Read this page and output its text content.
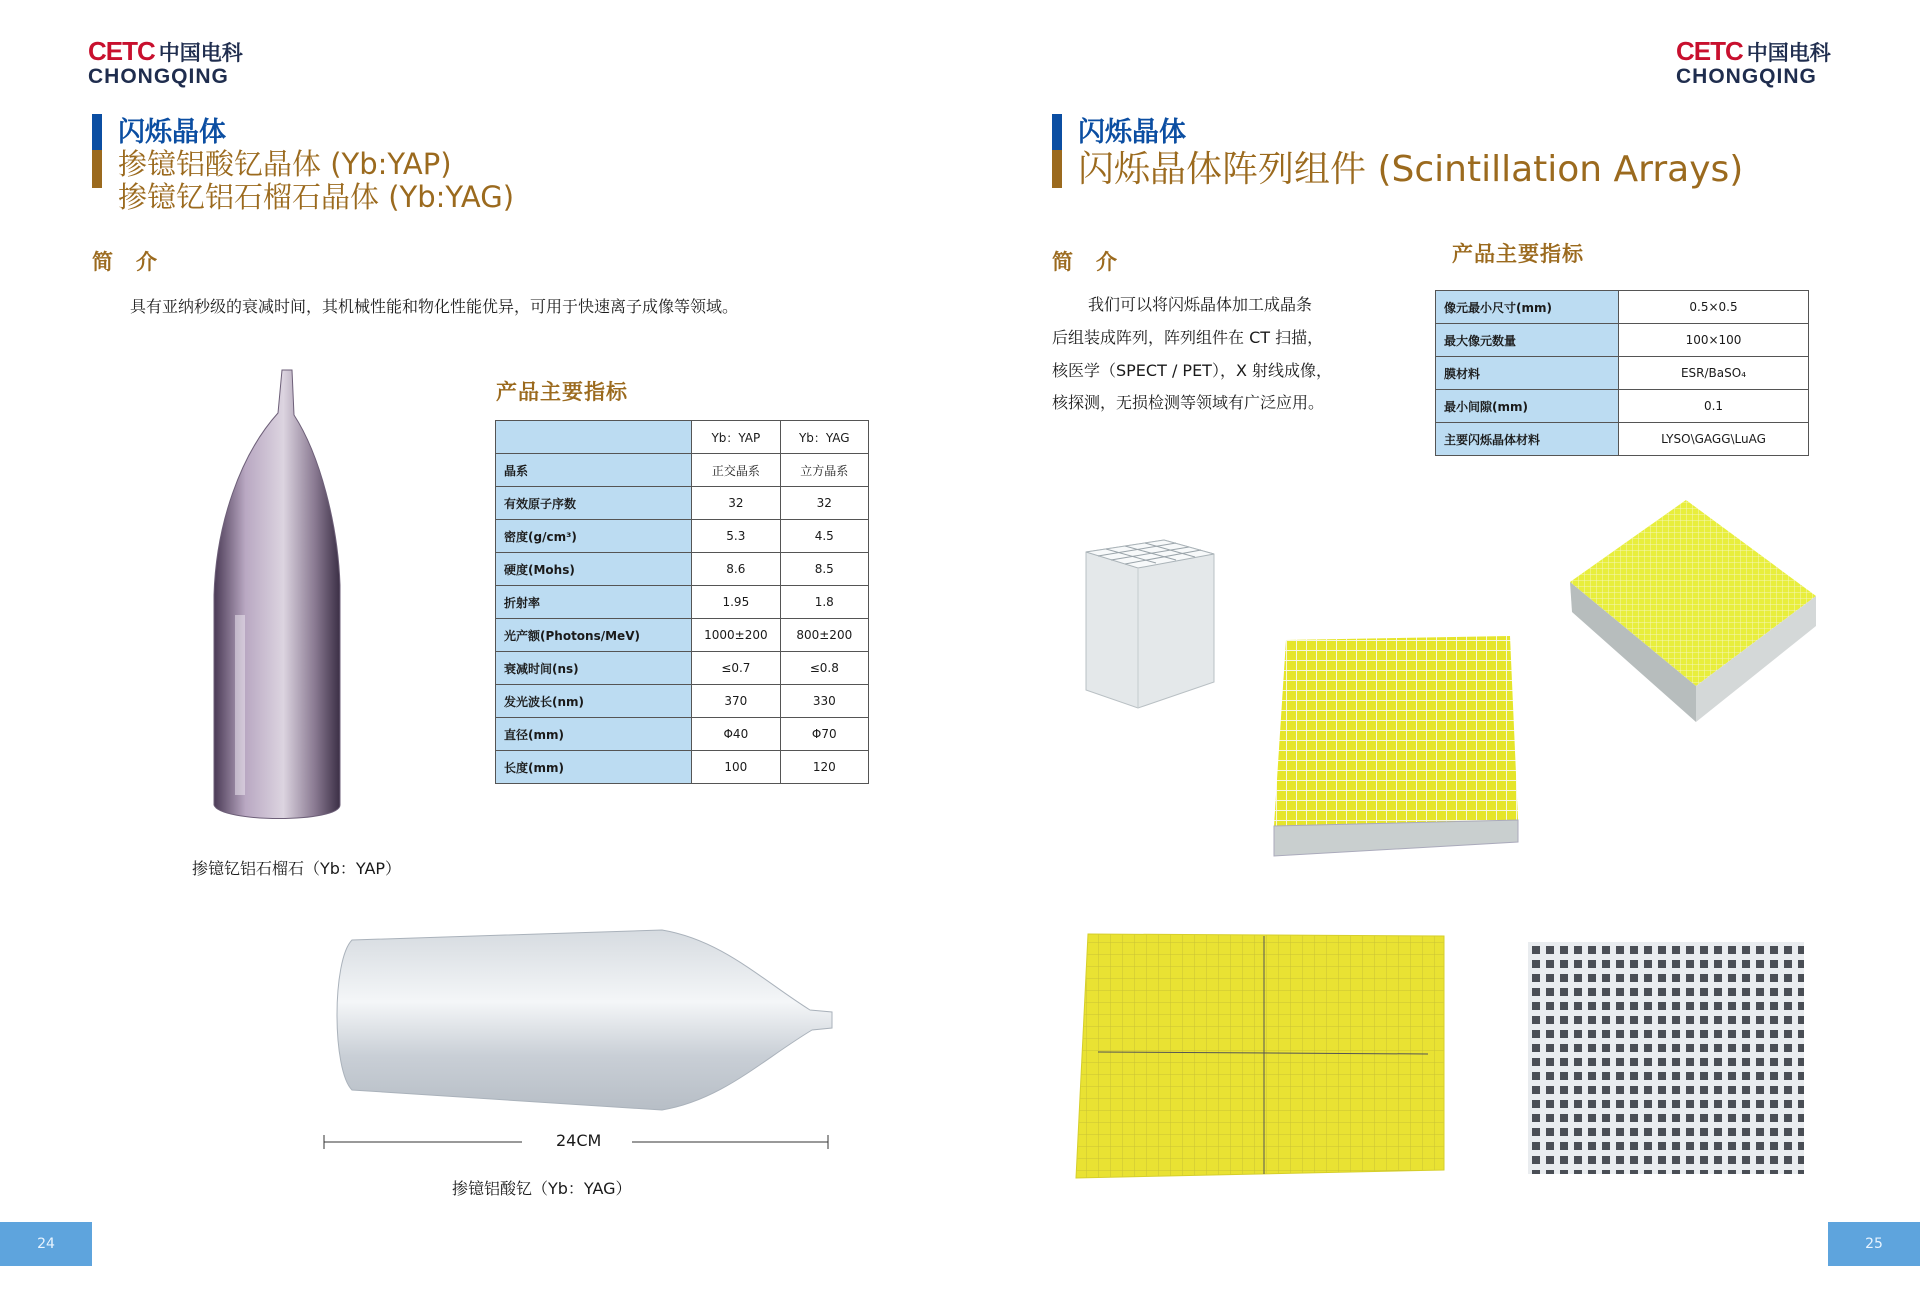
CETC 中国电科
CHONGQING
闪烁晶体
掺镱铝酸钇晶体 (Yb:YAP)
掺镱钇铝石榴石晶体 (Yb:YAG)
简　介
具有亚纳秒级的衰减时间，其机械性能和物化性能优异，可用于快速离子成像等领域。
产品主要指标
	Yb：YAP	Yb：YAG
晶系	正交晶系	立方晶系
有效原子序数	32	32
密度(g/cm³)	5.3	4.5
硬度(Mohs)	8.6	8.5
折射率	1.95	1.8
光产额(Photons/MeV)	1000±200	800±200
衰减时间(ns)	≤0.7	≤0.8
发光波长(nm)	370	330
直径(mm)	Φ40	Φ70
长度(mm)	100	120
掺镱钇铝石榴石（Yb：YAP）
24CM
掺镱铝酸钇（Yb：YAG）
24
CETC 中国电科
CHONGQING
闪烁晶体
闪烁晶体阵列组件 (Scintillation Arrays)
简　介
我们可以将闪烁晶体加工成晶条
后组装成阵列，阵列组件在 CT 扫描，
核医学（SPECT / PET），X 射线成像，
核探测，无损检测等领域有广泛应用。
产品主要指标
像元最小尺寸(mm)	0.5×0.5
最大像元数量	100×100
膜材料	ESR/BaSO₄
最小间隙(mm)	0.1
主要闪烁晶体材料	LYSO\GAGG\LuAG
25
